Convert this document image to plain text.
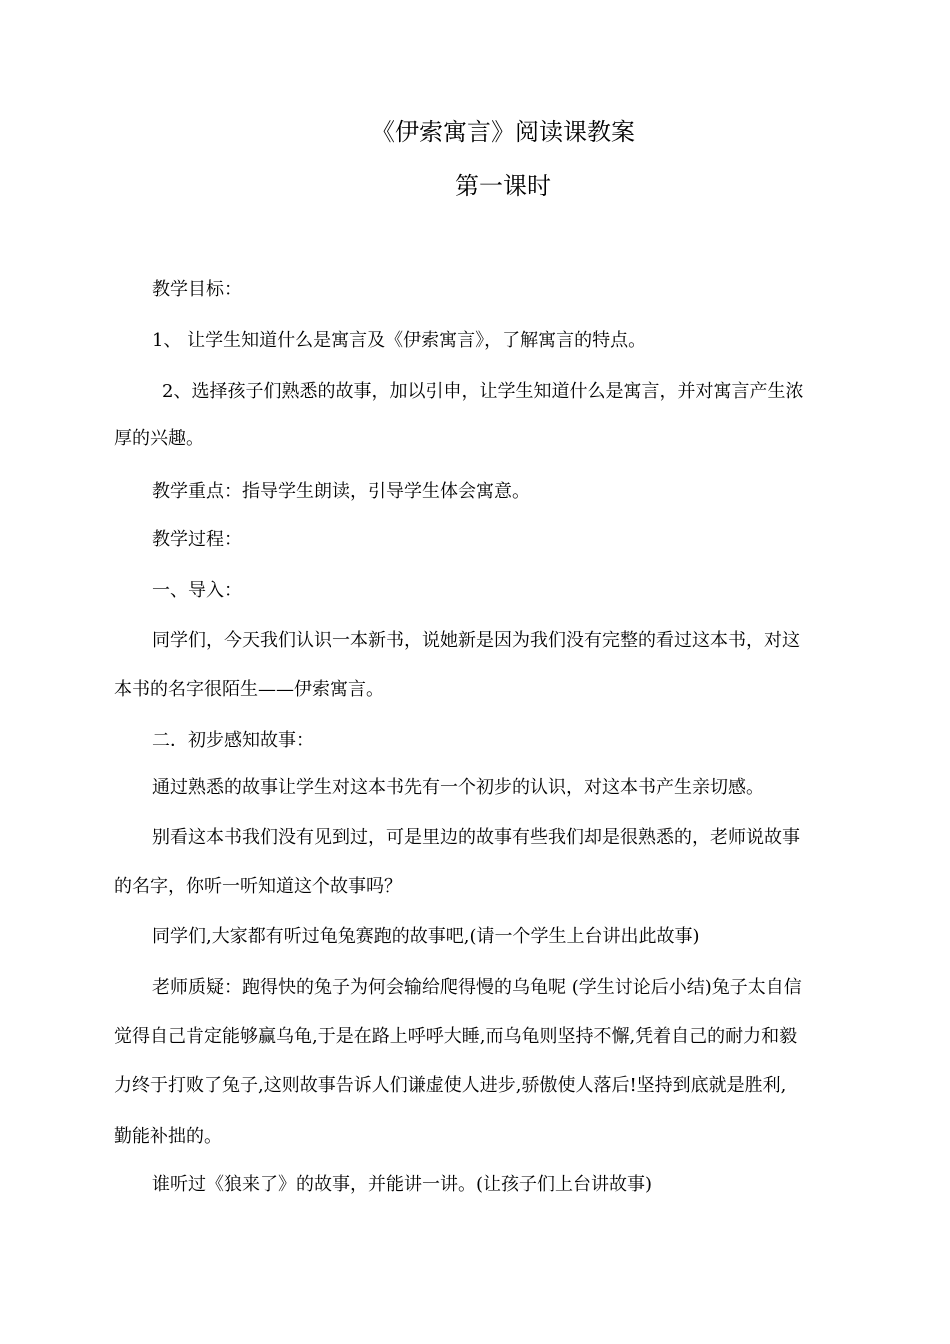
《伊索寓言》阅读课教案
第一课时
教学目标：
1、 让学生知道什么是寓言及《伊索寓言》，了解寓言的特点。
2、选择孩子们熟悉的故事，加以引申，让学生知道什么是寓言，并对寓言产生浓
厚的兴趣。
教学重点：指导学生朗读，引导学生体会寓意。
教学过程：
一、导入：
同学们，今天我们认识一本新书，说她新是因为我们没有完整的看过这本书，对这
本书的名字很陌生——伊索寓言。
二．初步感知故事：
通过熟悉的故事让学生对这本书先有一个初步的认识，对这本书产生亲切感。
别看这本书我们没有见到过，可是里边的故事有些我们却是很熟悉的，老师说故事
的名字，你听一听知道这个故事吗？
同学们,大家都有听过龟兔赛跑的故事吧,(请一个学生上台讲出此故事)
老师质疑：跑得快的兔子为何会输给爬得慢的乌龟呢 (学生讨论后小结)兔子太自信
觉得自己肯定能够赢乌龟,于是在路上呼呼大睡,而乌龟则坚持不懈,凭着自己的耐力和毅
力终于打败了兔子,这则故事告诉人们谦虚使人进步,骄傲使人落后!坚持到底就是胜利,
勤能补拙的。
谁听过《狼来了》的故事，并能讲一讲。(让孩子们上台讲故事)
